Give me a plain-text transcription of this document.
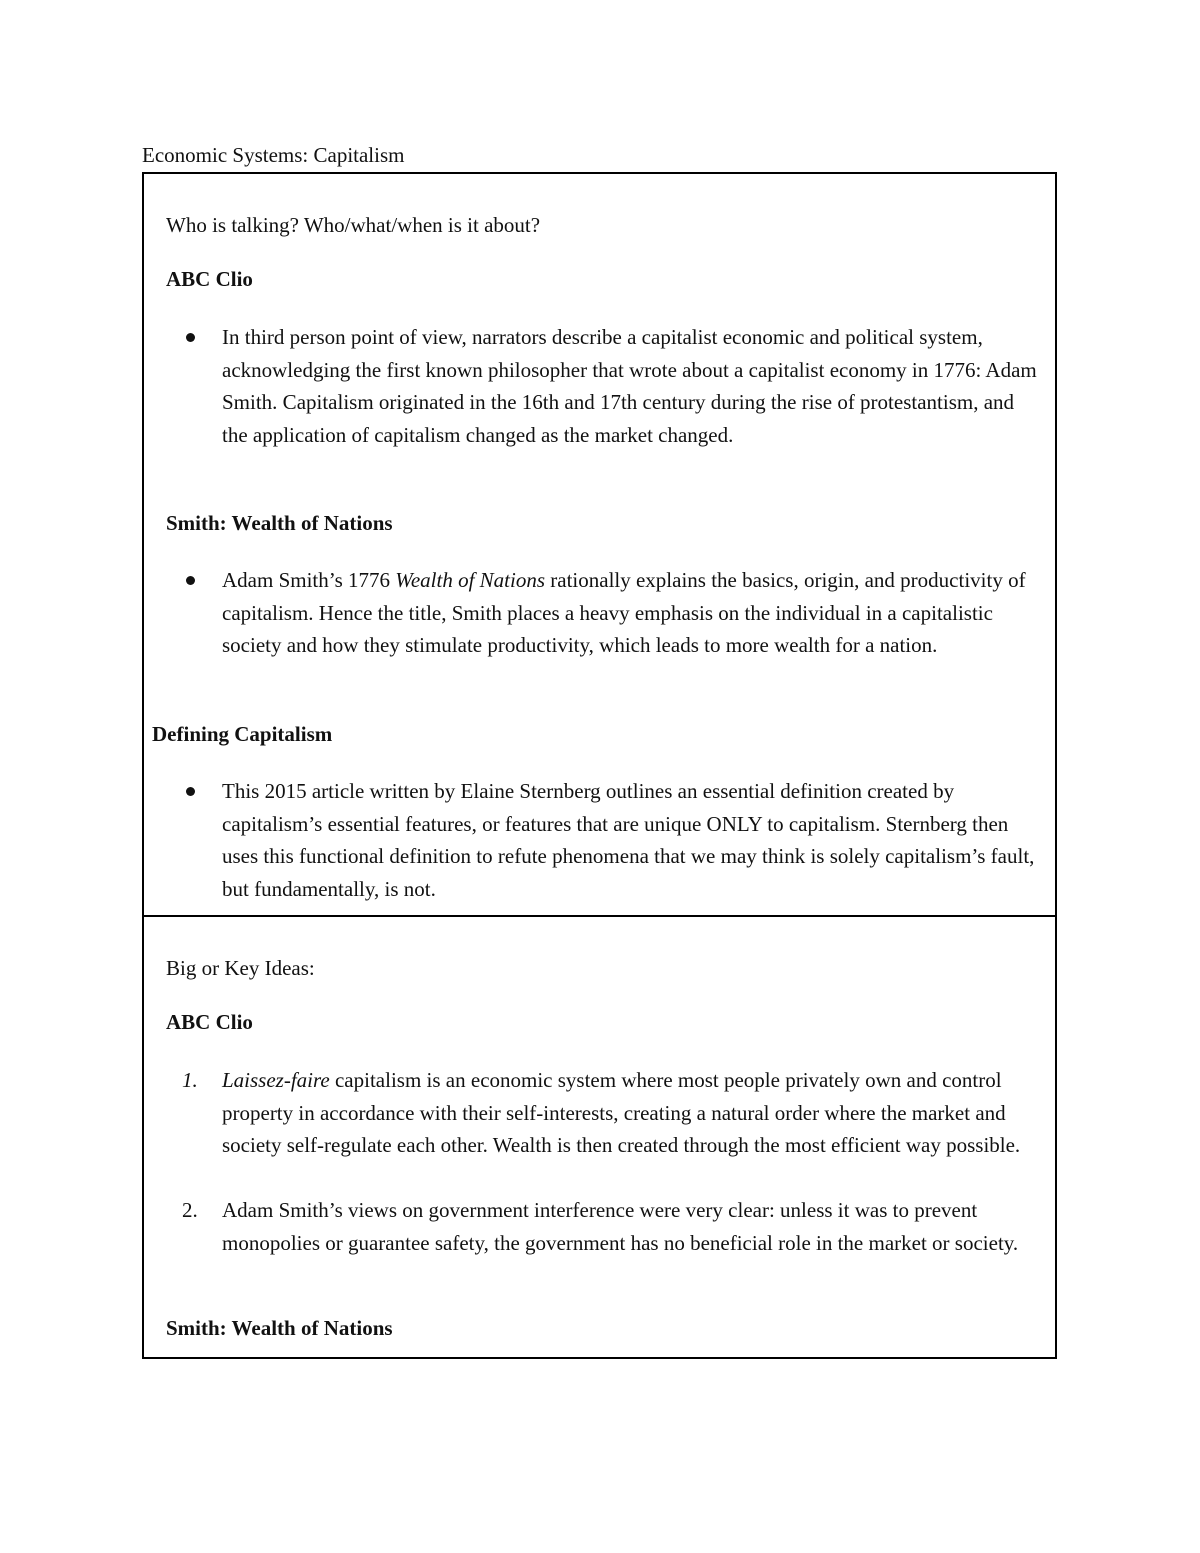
Economic Systems: Capitalism
Who is talking? Who/what/when is it about?
ABC Clio
In third person point of view, narrators describe a capitalist economic and political system, acknowledging the first known philosopher that wrote about a capitalist economy in 1776: Adam Smith. Capitalism originated in the 16th and 17th century during the rise of protestantism, and the application of capitalism changed as the market changed.
Smith: Wealth of Nations
Adam Smith’s 1776 Wealth of Nations rationally explains the basics, origin, and productivity of capitalism. Hence the title, Smith places a heavy emphasis on the individual in a capitalistic society and how they stimulate productivity, which leads to more wealth for a nation.
Defining Capitalism
This 2015 article written by Elaine Sternberg outlines an essential definition created by capitalism’s essential features, or features that are unique ONLY to capitalism. Sternberg then uses this functional definition to refute phenomena that we may think is solely capitalism’s fault, but fundamentally, is not.
Big or Key Ideas:
ABC Clio
1.	Laissez-faire capitalism is an economic system where most people privately own and control property in accordance with their self-interests, creating a natural order where the market and society self-regulate each other. Wealth is then created through the most efficient way possible.
2.	Adam Smith’s views on government interference were very clear: unless it was to prevent monopolies or guarantee safety, the government has no beneficial role in the market or society.
Smith: Wealth of Nations
